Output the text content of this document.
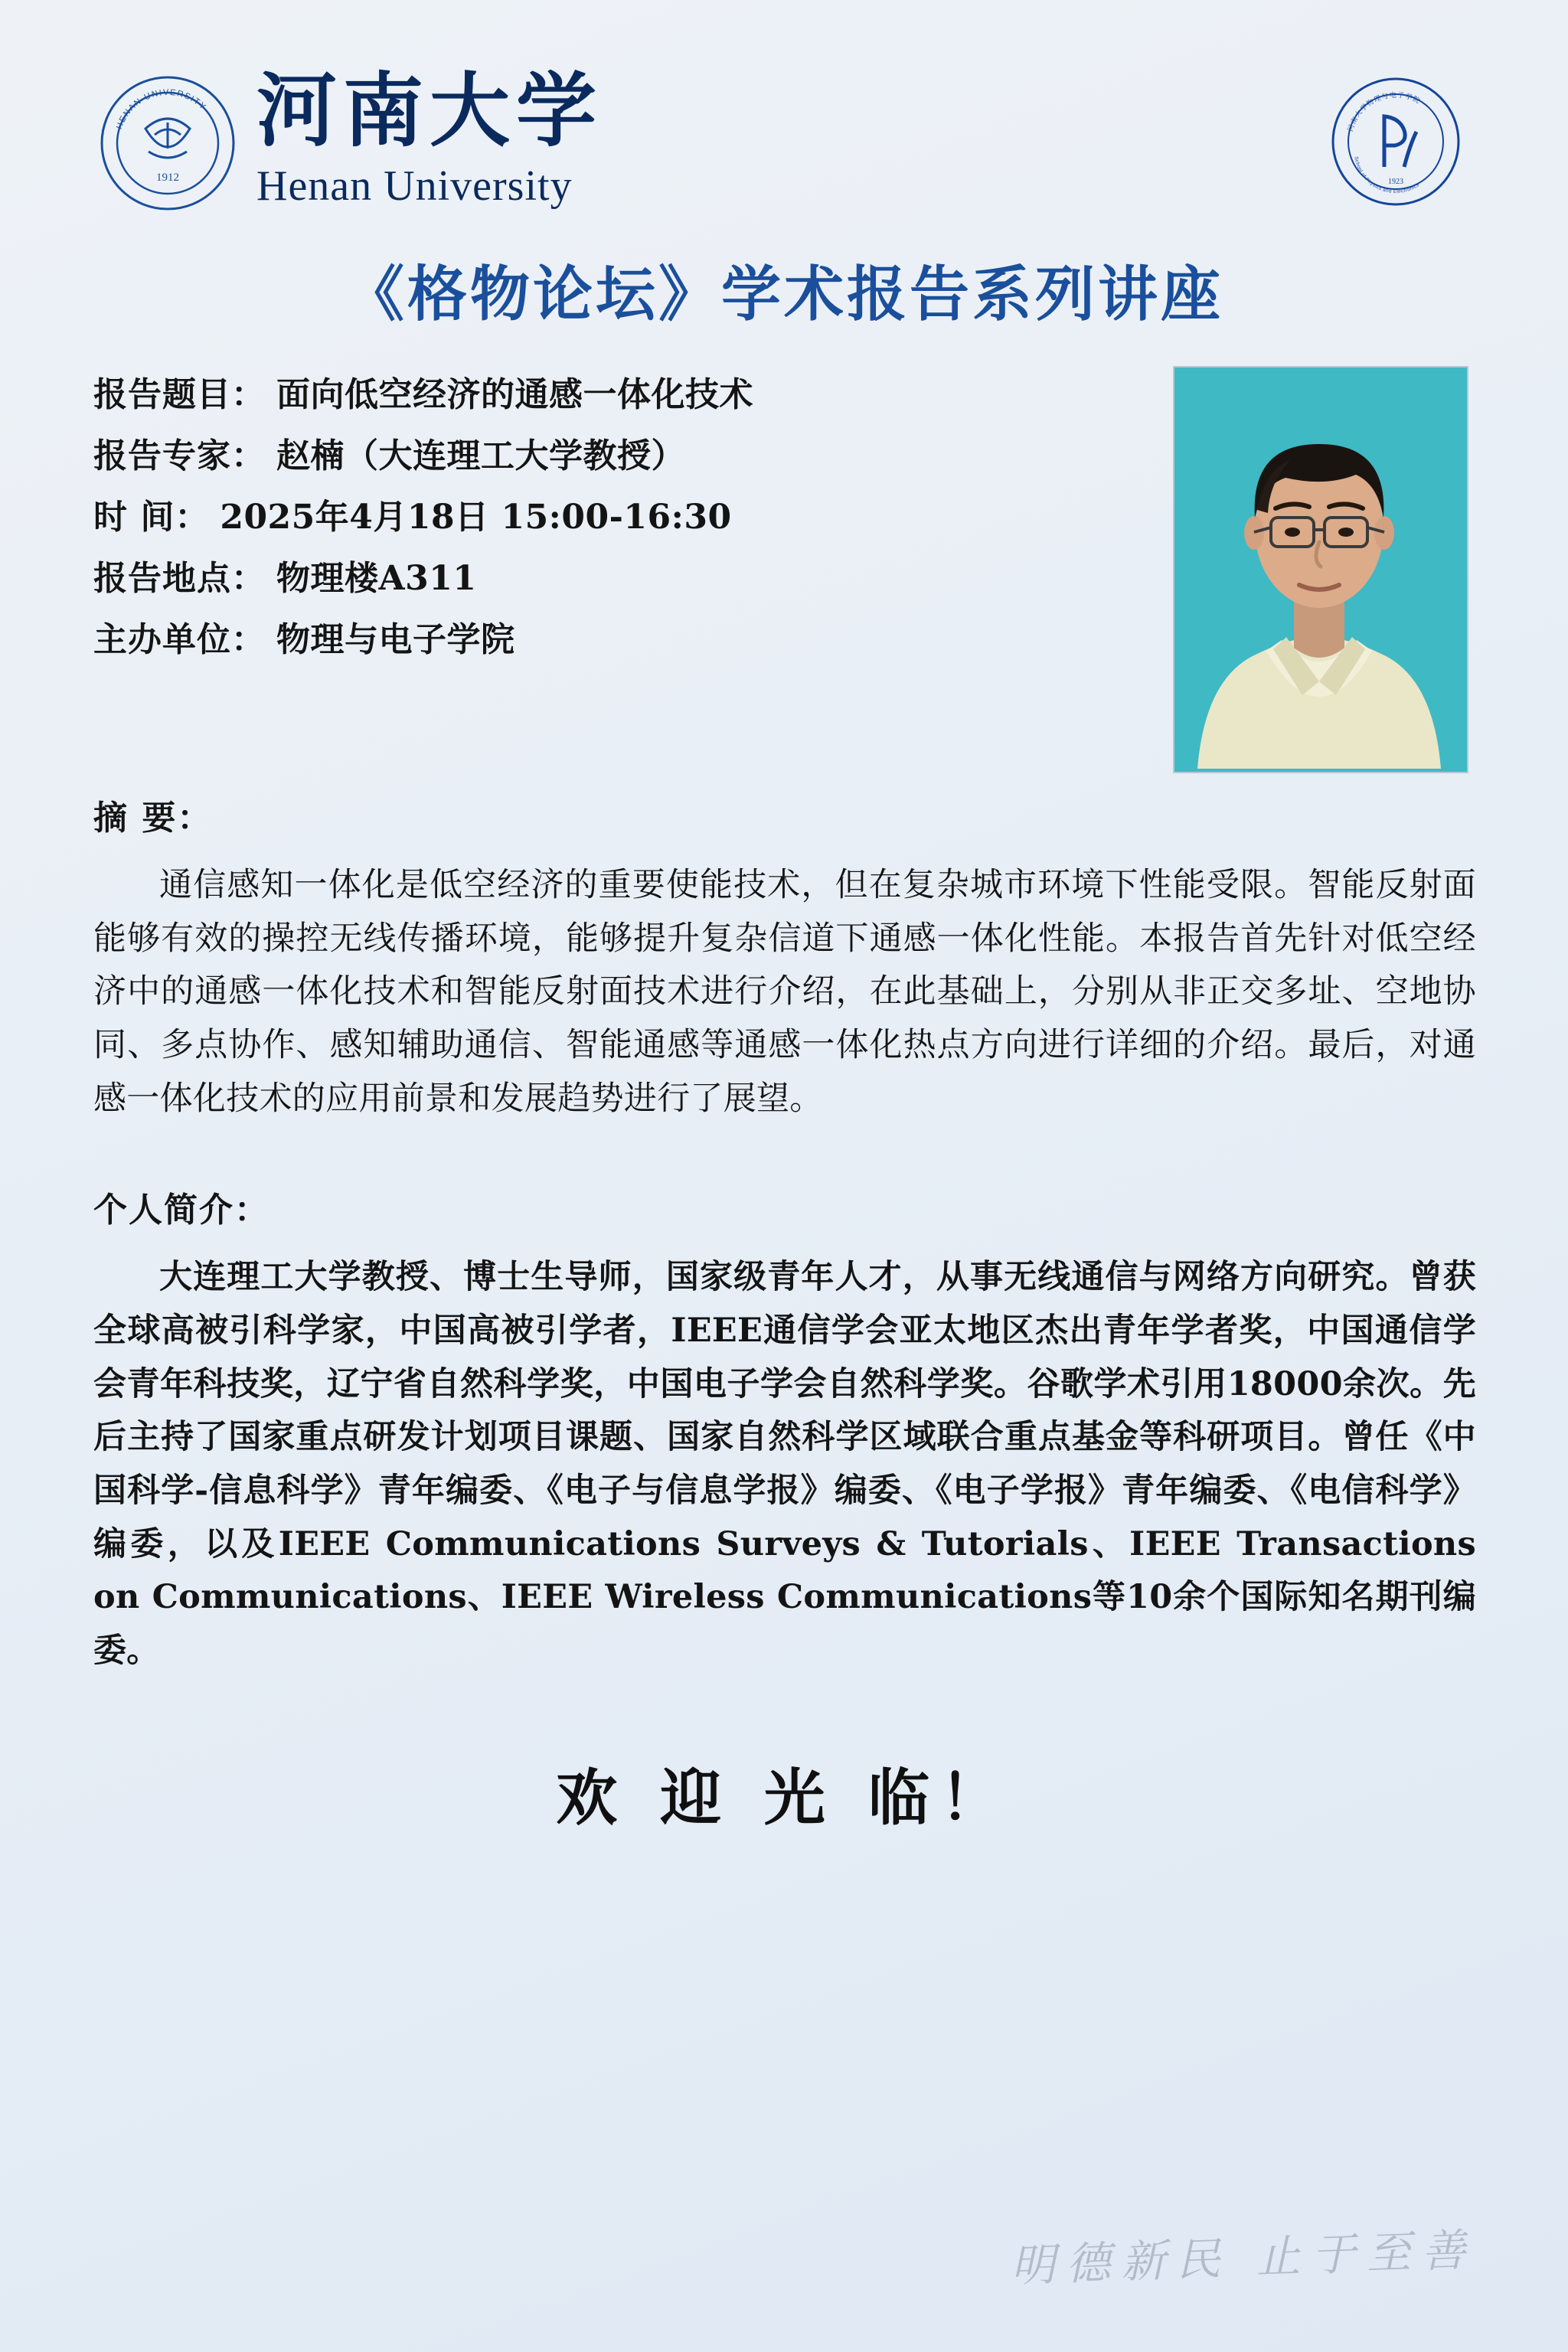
1912
HENAN UNIVERSITY 河南大学
Henan University	1923
河南大学物理与电子学院
School of Physics and Electronics
《格物论坛》学术报告系列讲座
报告题目： 面向低空经济的通感一体化技术
报告专家： 赵楠（大连理工大学教授）
时 间： 2025年4月18日 15:00-16:30
报告地点： 物理楼A311
主办单位： 物理与电子学院
摘 要：
通信感知一体化是低空经济的重要使能技术，但在复杂城市环境下性能受限。智能反射面能够有效的操控无线传播环境，能够提升复杂信道下通感一体化性能。本报告首先针对低空经济中的通感一体化技术和智能反射面技术进行介绍，在此基础上，分别从非正交多址、空地协同、多点协作、感知辅助通信、智能通感等通感一体化热点方向进行详细的介绍。最后，对通感一体化技术的应用前景和发展趋势进行了展望。
个人简介：
大连理工大学教授、博士生导师，国家级青年人才，从事无线通信与网络方向研究。曾获全球高被引科学家，中国高被引学者，IEEE通信学会亚太地区杰出青年学者奖，中国通信学会青年科技奖，辽宁省自然科学奖，中国电子学会自然科学奖。谷歌学术引用18000余次。先后主持了国家重点研发计划项目课题、国家自然科学区域联合重点基金等科研项目。曾任《中国科学-信息科学》青年编委、《电子与信息学报》编委、《电子学报》青年编委、《电信科学》编委，以及IEEE Communications Surveys & Tutorials、IEEE Transactions on Communications、IEEE Wireless Communications等10余个国际知名期刊编委。
欢 迎 光 临！
明德新民 止于至善
